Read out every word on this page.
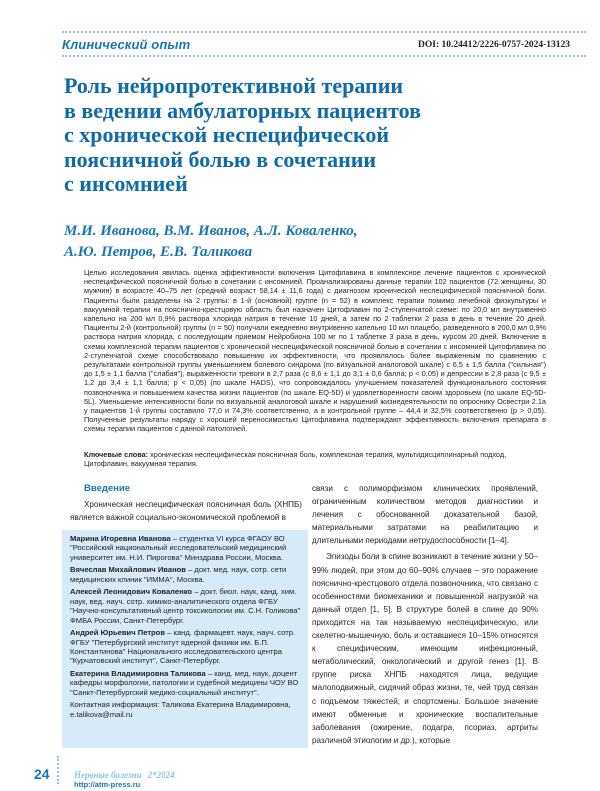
Клинический опыт	DOI: 10.24412/2226-0757-2024-13123
Роль нейропротективной терапии
в ведении амбулаторных пациентов
с хронической неспецифической
поясничной болью в сочетании
с инсомнией
М.И. Иванова, В.М. Иванов, А.Л. Коваленко,
А.Ю. Петров, Е.В. Таликова
Целью исследования явилась оценка эффективности включения Цитофлавина в комплексное лечение пациентов с хронической неспецифической поясничной болью в сочетании с инсомнией. Проанализированы данные терапии 102 пациентов (72 женщины, 30 мужчин) в возрасте 40–75 лет (средний возраст 58,14 ± 11,6 года) с диагнозом хронической неспецифической поясничной боли. Пациенты были разделены на 2 группы: в 1-й (основной) группе (n = 52) в комплекс терапии помимо лечебной физкультуры и вакуумной терапии на пояснично-крестцовую область был назначен Цитофлавин по 2-ступенчатой схеме: по 20,0 мл внутривенно капельно на 200 мл 0,9% раствора хлорида натрия в течение 10 дней, а затем по 2 таблетки 2 раза в день в течение 20 дней. Пациенты 2-й (контрольной) группы (n = 50) получали ежедневно внутривенно капельно 10 мл плацебо, разведенного в 200,0 мл 0,9% раствора натрия хлорида, с последующим приемом Нейробиона 100 мг по 1 таблетке 3 раза в день, курсом 20 дней. Включение в схемы комплексной терапии пациентов с хронической неспецифической поясничной болью в сочетании с инсомнией Цитофлавина по 2-ступенчатой схеме способствовало повышению их эффективности, что проявлялось более выраженным по сравнению с результатами контрольной группы уменьшением болевого синдрома (по визуальной аналоговой шкале) с 6,5 ± 1,5 балла ("сильная") до 1,5 ± 1,1 балла ("слабая"), выраженности тревоги в 2,7 раза (с 8,6 ± 1,1 до 3,1 ± 0,6 балла; р < 0,05) и депрессии в 2,8 раза (с 9,5 ± 1,2 до 3,4 ± 1,1 балла; р < 0,05) (по шкале HADS), что сопровождалось улучшением показателей функционального состояния позвоночника и повышением качества жизни пациентов (по шкале EQ-5D) и удовлетворенности своим здоровьем (по шкале EQ-5D-5L). Уменьшение интенсивности боли по визуальной аналоговой шкале и нарушений жизнедеятельности по опроснику Освестри 2.1а у пациентов 1-й группы составило 77,0 и 74,3% соответственно, а в контрольной группе – 44,4 и 32,5% соответственно (р > 0,05). Полученные результаты наряду с хорошей переносимостью Цитофлавина подтверждают эффективность включения препарата в схемы терапии пациентов с данной патологией.
Ключевые слова: хроническая неспецифическая поясничная боль, комплексная терапия, мультидисциплинарный подход, Цитофлавин, вакуумная терапия.
Введение
Хроническая неспецифическая поясничная боль (ХНПБ) является важной социально-экономической проблемой в

Марина Игоревна Иванова – студентка VI курса ФГАОУ ВО "Российский национальный исследовательский медицинский университет им. Н.И. Пирогова" Минздрава России, Москва.

Вячеслав Михайлович Иванов – докт. мед. наук, сотр. сети медицинских клиник "ИММА", Москва.

Алексей Леонидович Коваленко – докт. биол. наук, канд. хим. наук, вед. науч. сотр. химико-аналитического отдела ФГБУ "Научно-консультативный центр токсикологии им. С.Н. Голикова" ФМБА России, Санкт-Петербург.

Андрей Юрьевич Петров – канд. фармацевт. наук, науч. сотр. ФГБУ "Петербургский институт ядерной физики им. Б.П. Константинова" Национального исследовательского центра "Курчатовский институт", Санкт-Петербург.

Екатерина Владимировна Таликова – канд. мед. наук, доцент кафедры морфологии, патологии и судебной медицины ЧОУ ВО "Санкт-Петербургский медико-социальный институт".

Контактная информация: Таликова Екатерина Владимировна, e.talikova@mail.ru

связи с полиморфизмом клинических проявлений, ограниченным количеством методов диагностики и лечения с обоснованной доказательной базой, материальными затратами на реабилитацию и длительными периодами нетрудоспособности [1–4].

Эпизоды боли в спине возникают в течение жизни у 50–99% людей, при этом до 60–90% случаев – это поражение пояснично-крестцового отдела позвоночника, что связано с особенностями биомеханики и повышенной нагрузкой на данный отдел [1, 5]. В структуре болей в спине до 90% приходится на так называемую неспецифическую, или скелетно-мышечную, боль и оставшиеся 10–15% относятся к специфическим, имеющим инфекционный, метаболический, онкологический и другой генез [1]. В группе риска ХНПБ находятся лица, ведущие малоподвижный, сидячий образ жизни, те, чей труд связан с подъемом тяжестей, и спортсмены. Большое значение имеют обменные и хронические воспалительные заболевания (ожирение, подагра, псориаз, артриты различной этиологии и др.), которые

24	Нервные болезни 2*2024
http://atm-press.ru
